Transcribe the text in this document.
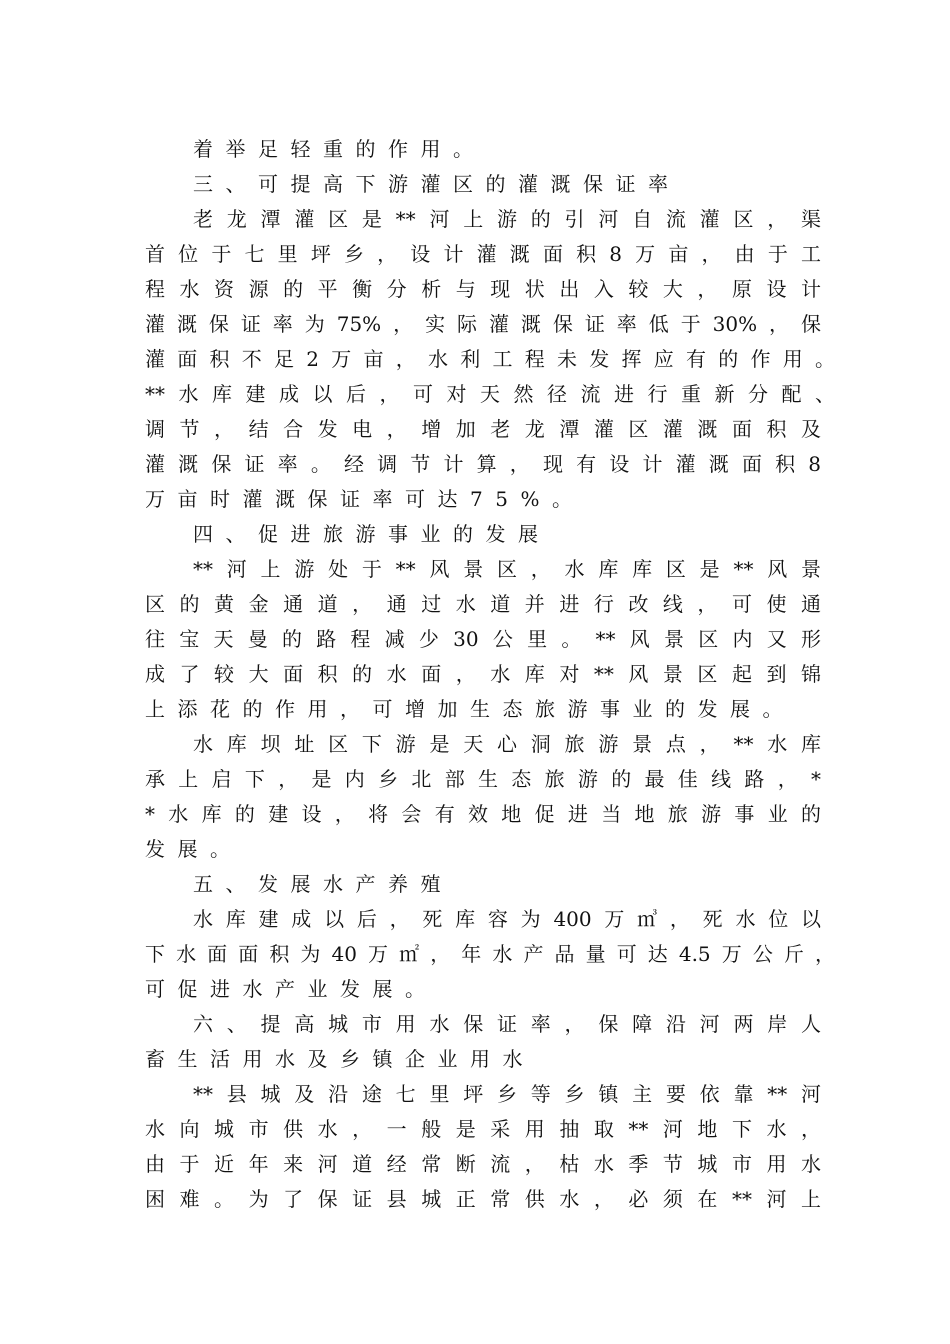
着举足轻重的作用。
三、可提高下游灌区的灌溉保证率
老龙潭灌区是**河上游的引河自流灌区，渠
首位于七里坪乡，设计灌溉面积8万亩，由于工
程水资源的平衡分析与现状出入较大，原设计
灌溉保证率为75%，实际灌溉保证率低于30%，保
灌面积不足2万亩，水利工程未发挥应有的作用。
**水库建成以后，可对天然径流进行重新分配、
调节，结合发电，增加老龙潭灌区灌溉面积及
灌溉保证率。经调节计算，现有设计灌溉面积8
万亩时灌溉保证率可达75%。
四、促进旅游事业的发展
**河上游处于**风景区，水库库区是**风景
区的黄金通道，通过水道并进行改线，可使通
往宝天曼的路程减少30公里。**风景区内又形
成了较大面积的水面，水库对**风景区起到锦
上添花的作用，可增加生态旅游事业的发展。
水库坝址区下游是天心洞旅游景点，**水库
承上启下，是内乡北部生态旅游的最佳线路，*
*水库的建设，将会有效地促进当地旅游事业的
发展。
五、发展水产养殖
水库建成以后，死库容为400万㎥，死水位以
下水面面积为40万㎡，年水产品量可达4.5万公斤，
可促进水产业发展。
六、提高城市用水保证率，保障沿河两岸人
畜生活用水及乡镇企业用水
**县城及沿途七里坪乡等乡镇主要依靠**河
水向城市供水，一般是采用抽取**河地下水，
由于近年来河道经常断流，枯水季节城市用水
困难。为了保证县城正常供水，必须在**河上
